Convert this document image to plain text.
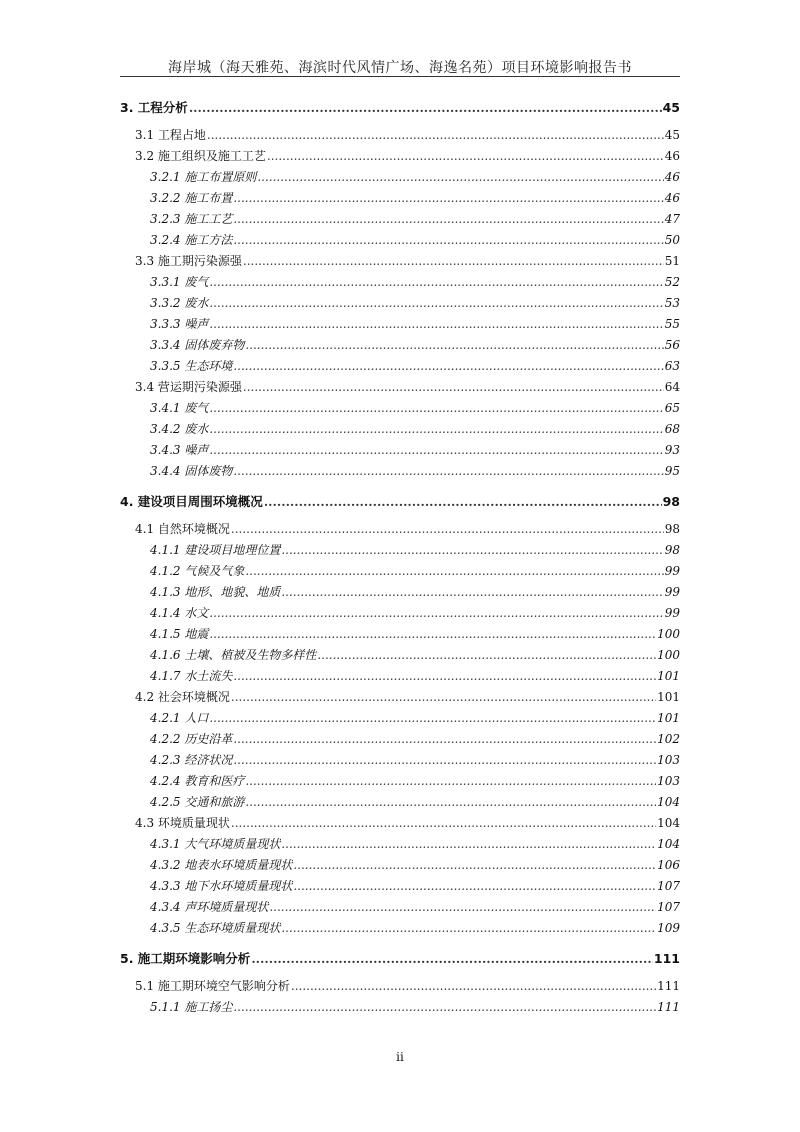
海岸城（海天雅苑、海滨时代风情广场、海逸名苑）项目环境影响报告书
3. 工程分析 .....	45
3.1 工程占地 .....	45
3.2 施工组织及施工工艺 .....	46
3.2.1 施工布置原则 .....	46
3.2.2 施工布置 .....	46
3.2.3 施工工艺 .....	47
3.2.4 施工方法 .....	50
3.3 施工期污染源强 .....	51
3.3.1 废气 .....	52
3.3.2 废水 .....	53
3.3.3 噪声 .....	55
3.3.4 固体废弃物 .....	56
3.3.5 生态环境 .....	63
3.4 营运期污染源强 .....	64
3.4.1 废气 .....	65
3.4.2 废水 .....	68
3.4.3 噪声 .....	93
3.4.4 固体废物 .....	95
4. 建设项目周围环境概况 .....	98
4.1 自然环境概况 .....	98
4.1.1 建设项目地理位置 .....	98
4.1.2 气候及气象 .....	99
4.1.3 地形、地貌、地质 .....	99
4.1.4 水文 .....	99
4.1.5 地震 .....	100
4.1.6 土壤、植被及生物多样性 .....	100
4.1.7 水土流失 .....	101
4.2 社会环境概况 .....	101
4.2.1 人口 .....	101
4.2.2 历史沿革 .....	102
4.2.3 经济状况 .....	103
4.2.4 教育和医疗 .....	103
4.2.5 交通和旅游 .....	104
4.3 环境质量现状 .....	104
4.3.1 大气环境质量现状 .....	104
4.3.2 地表水环境质量现状 .....	106
4.3.3 地下水环境质量现状 .....	107
4.3.4 声环境质量现状 .....	107
4.3.5 生态环境质量现状 .....	109
5. 施工期环境影响分析 .....	111
5.1 施工期环境空气影响分析 .....	111
5.1.1 施工扬尘 .....	111
ii
